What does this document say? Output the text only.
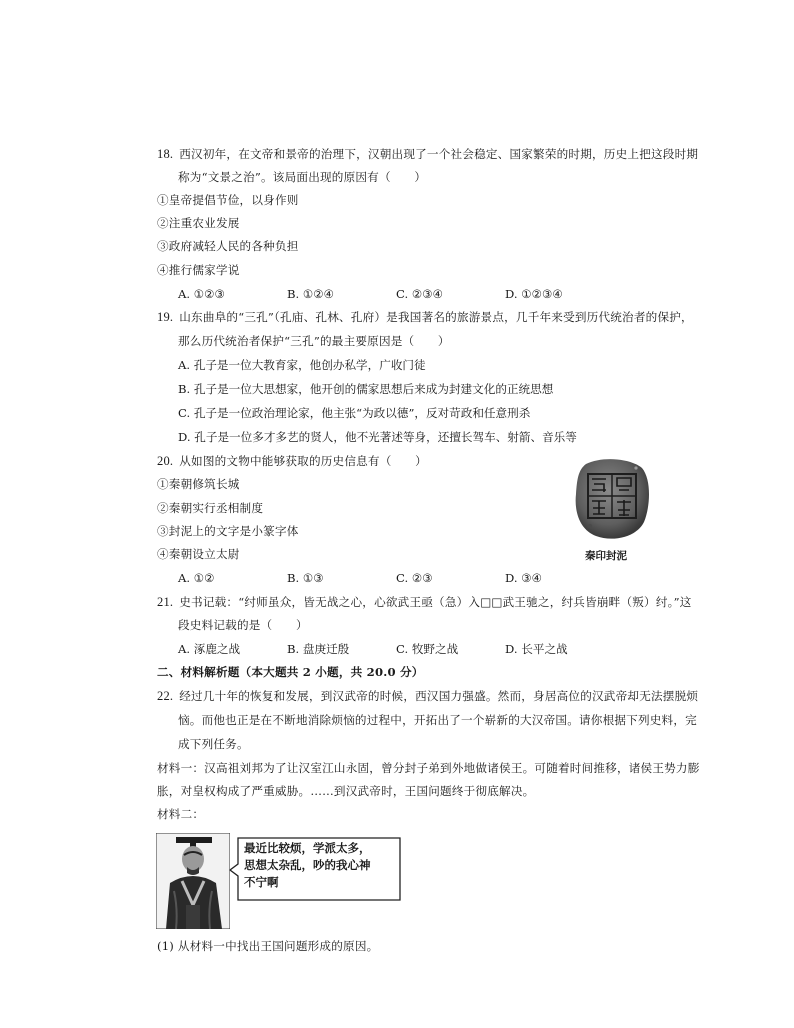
18. 西汉初年，在文帝和景帝的治理下，汉朝出现了一个社会稳定、国家繁荣的时期，历史上把这段时期
称为“文景之治”。该局面出现的原因有（　　）
①皇帝提倡节俭，以身作则
②注重农业发展
③政府减轻人民的各种负担
④推行儒家学说
A. ①②③	B. ①②④	C. ②③④	D. ①②③④
19. 山东曲阜的“三孔”（孔庙、孔林、孔府）是我国著名的旅游景点，几千年来受到历代统治者的保护，
那么历代统治者保护“三孔”的最主要原因是（　　）
A. 孔子是一位大教育家，他创办私学，广收门徒
B. 孔子是一位大思想家，他开创的儒家思想后来成为封建文化的正统思想
C. 孔子是一位政治理论家，他主张“为政以德”，反对苛政和任意刑杀
D. 孔子是一位多才多艺的贤人，他不光著述等身，还擅长驾车、射箭、音乐等
20. 从如图的文物中能够获取的历史信息有（　　）
①秦朝修筑长城
②秦朝实行丞相制度
③封泥上的文字是小篆字体
④秦朝设立太尉	秦印封泥
A. ①②	B. ①③	C. ②③	D. ③④
21. 史书记载：“纣师虽众，皆无战之心，心欲武王亟（急）入□□武王驰之，纣兵皆崩畔（叛）纣。”这
段史料记载的是（　　）
A. 涿鹿之战	B. 盘庚迁殷	C. 牧野之战	D. 长平之战
二、材料解析题（本大题共 2 小题，共 20.0 分）
22. 经过几十年的恢复和发展，到汉武帝的时候，西汉国力强盛。然而，身居高位的汉武帝却无法摆脱烦
恼。而他也正是在不断地消除烦恼的过程中，开拓出了一个崭新的大汉帝国。请你根据下列史料，完
成下列任务。
材料一：汉高祖刘邦为了让汉室江山永固，曾分封子弟到外地做诸侯王。可随着时间推移，诸侯王势力膨
胀，对皇权构成了严重威胁。……到汉武帝时，王国问题终于彻底解决。
材料二：
最近比较烦，学派太多，
思想太杂乱，吵的我心神
不宁啊
(1) 从材料一中找出王国问题形成的原因。
